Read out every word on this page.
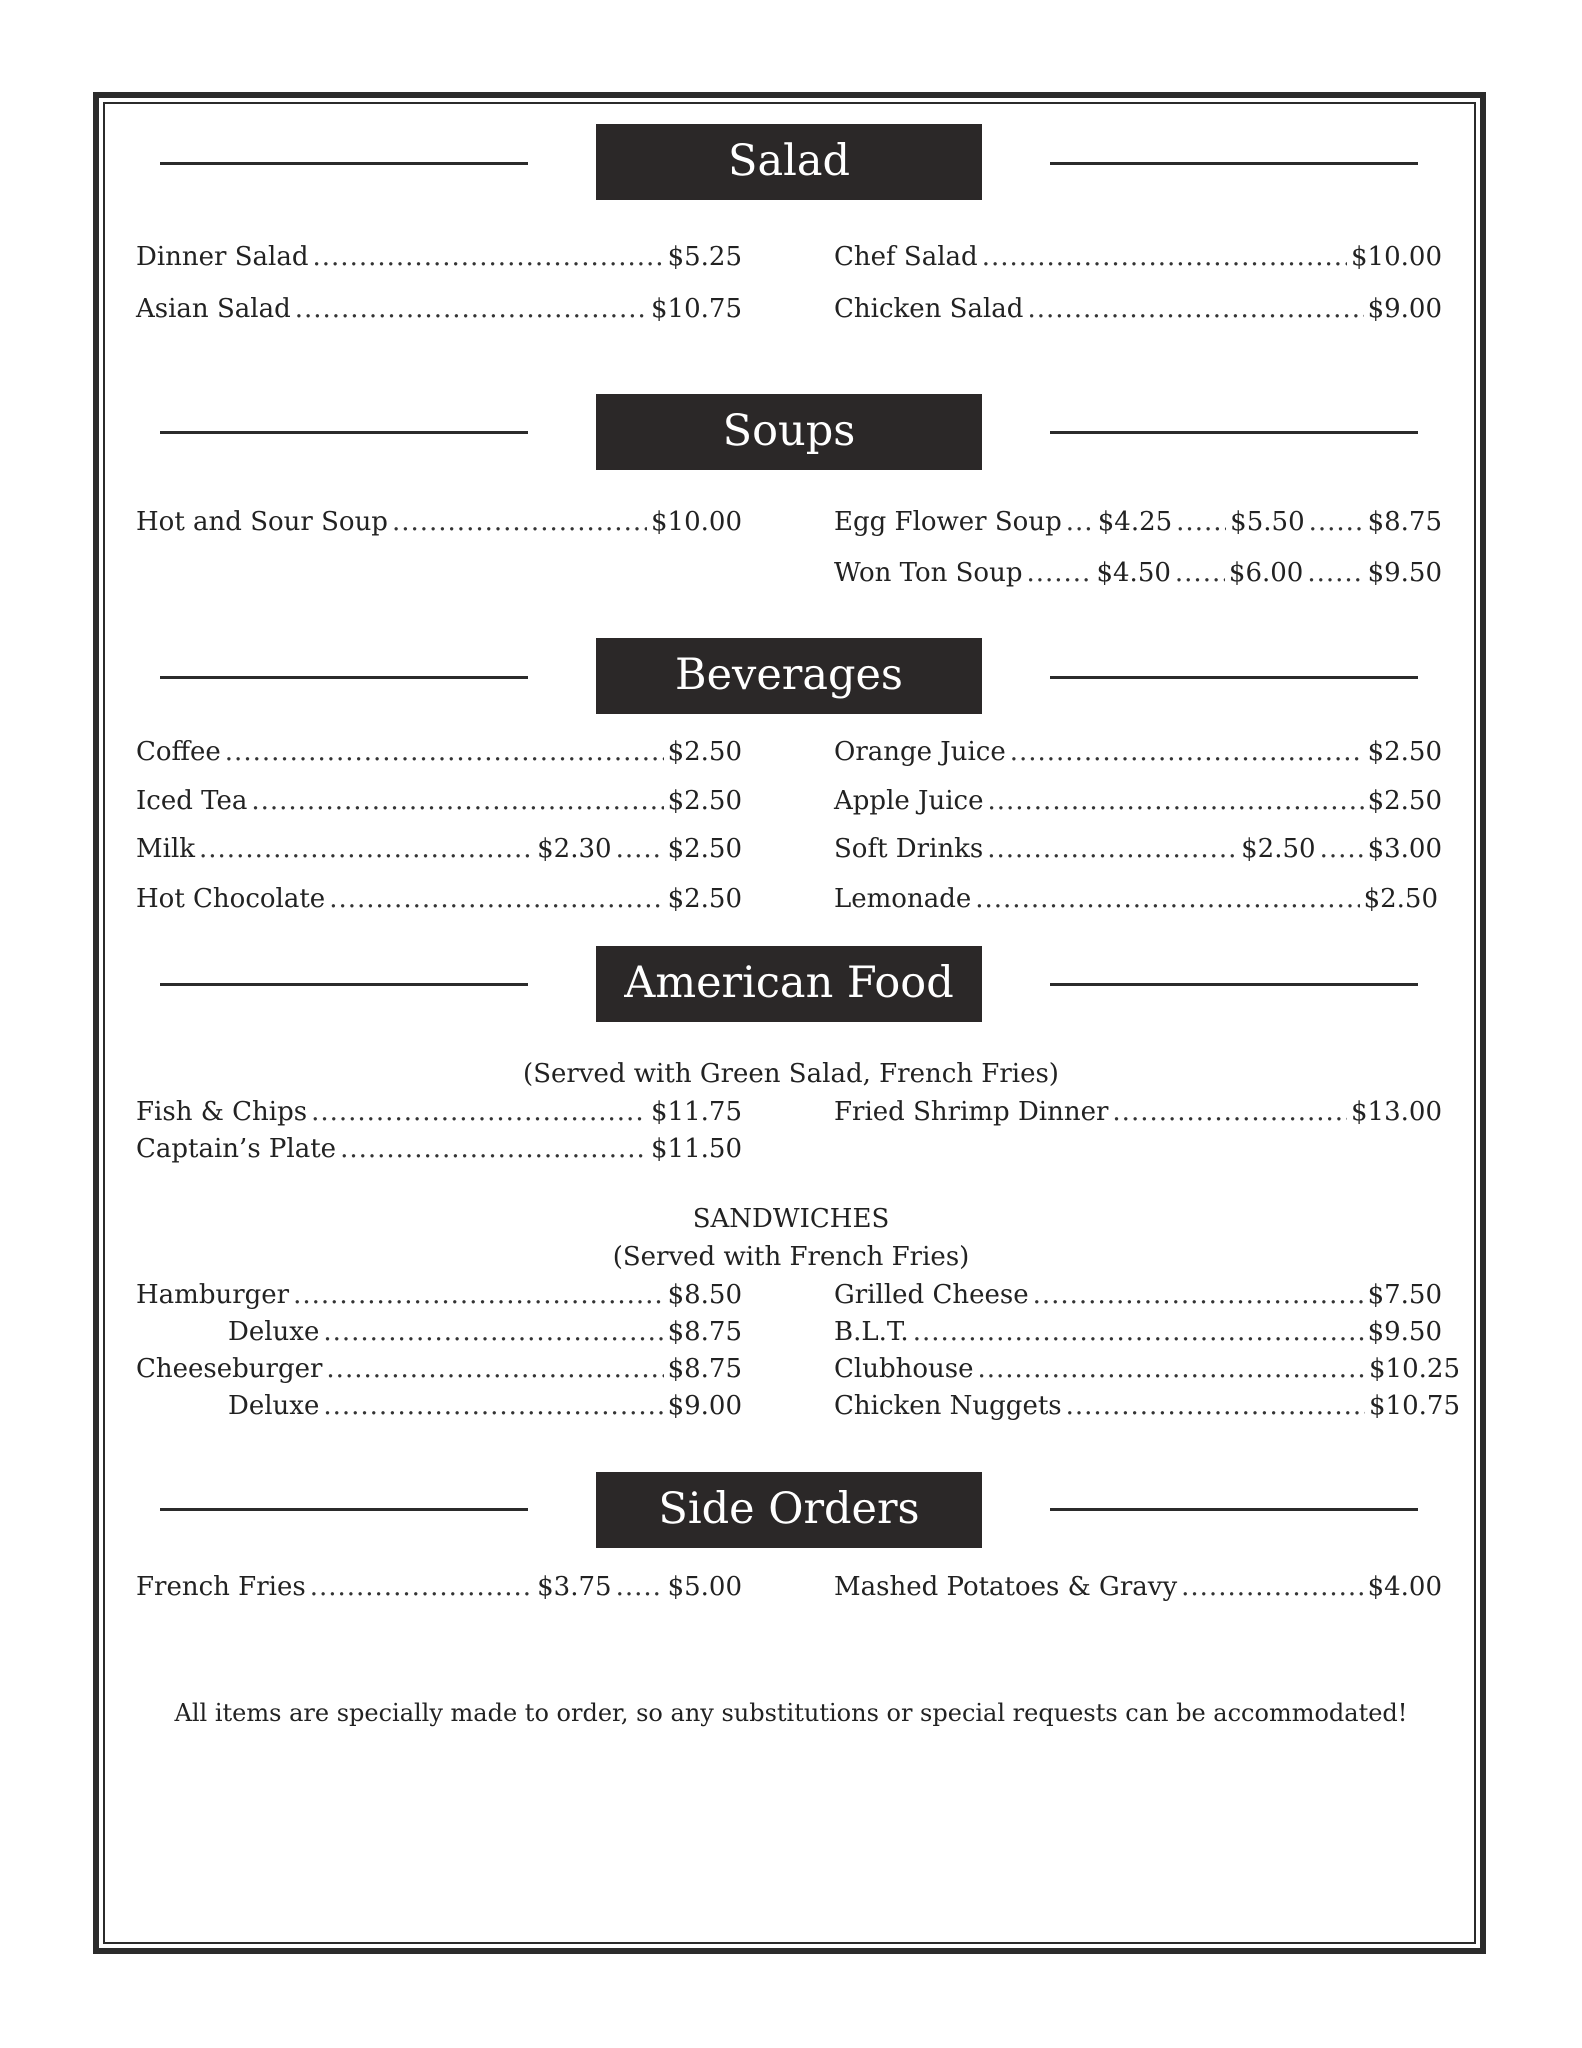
Salad
Dinner Salad .....	$5.25
Asian Salad .....	$10.75
Chef Salad .....	$10.00
Chicken Salad .....	$9.00
Soups
Hot and Sour Soup .....	$10.00	Egg Flower Soup ..... $4.25 ..... $5.50 ..... $8.75
Won Ton Soup .....	$4.50 ..... $6.00 ..... $9.50
Beverages
Coffee .....	$2.50
Iced Tea .....	$2.50
Milk .....	$2.30 ..... $2.50
Hot Chocolate .....	$2.50
Orange Juice .....	$2.50
Apple Juice .....	$2.50
Soft Drinks .....	$2.50 ..... $3.00
Lemonade .....	$2.50
American Food
(Served with Green Salad, French Fries)
Fish & Chips .....	$11.75
Captain’s Plate .....	$11.50
Fried Shrimp Dinner .....	$13.00
SANDWICHES
(Served with French Fries)
Hamburger .....	$8.50
Deluxe .....	$8.75
Cheeseburger .....	$8.75
Deluxe .....	$9.00
Grilled Cheese .....	$7.50
B.L.T. .....	$9.50
Clubhouse .....	$10.25
Chicken Nuggets .....	$10.75
Side Orders
French Fries .....	$3.75 ..... $5.00	Mashed Potatoes & Gravy .....	$4.00
All items are specially made to order, so any substitutions or special requests can be accommodated!
